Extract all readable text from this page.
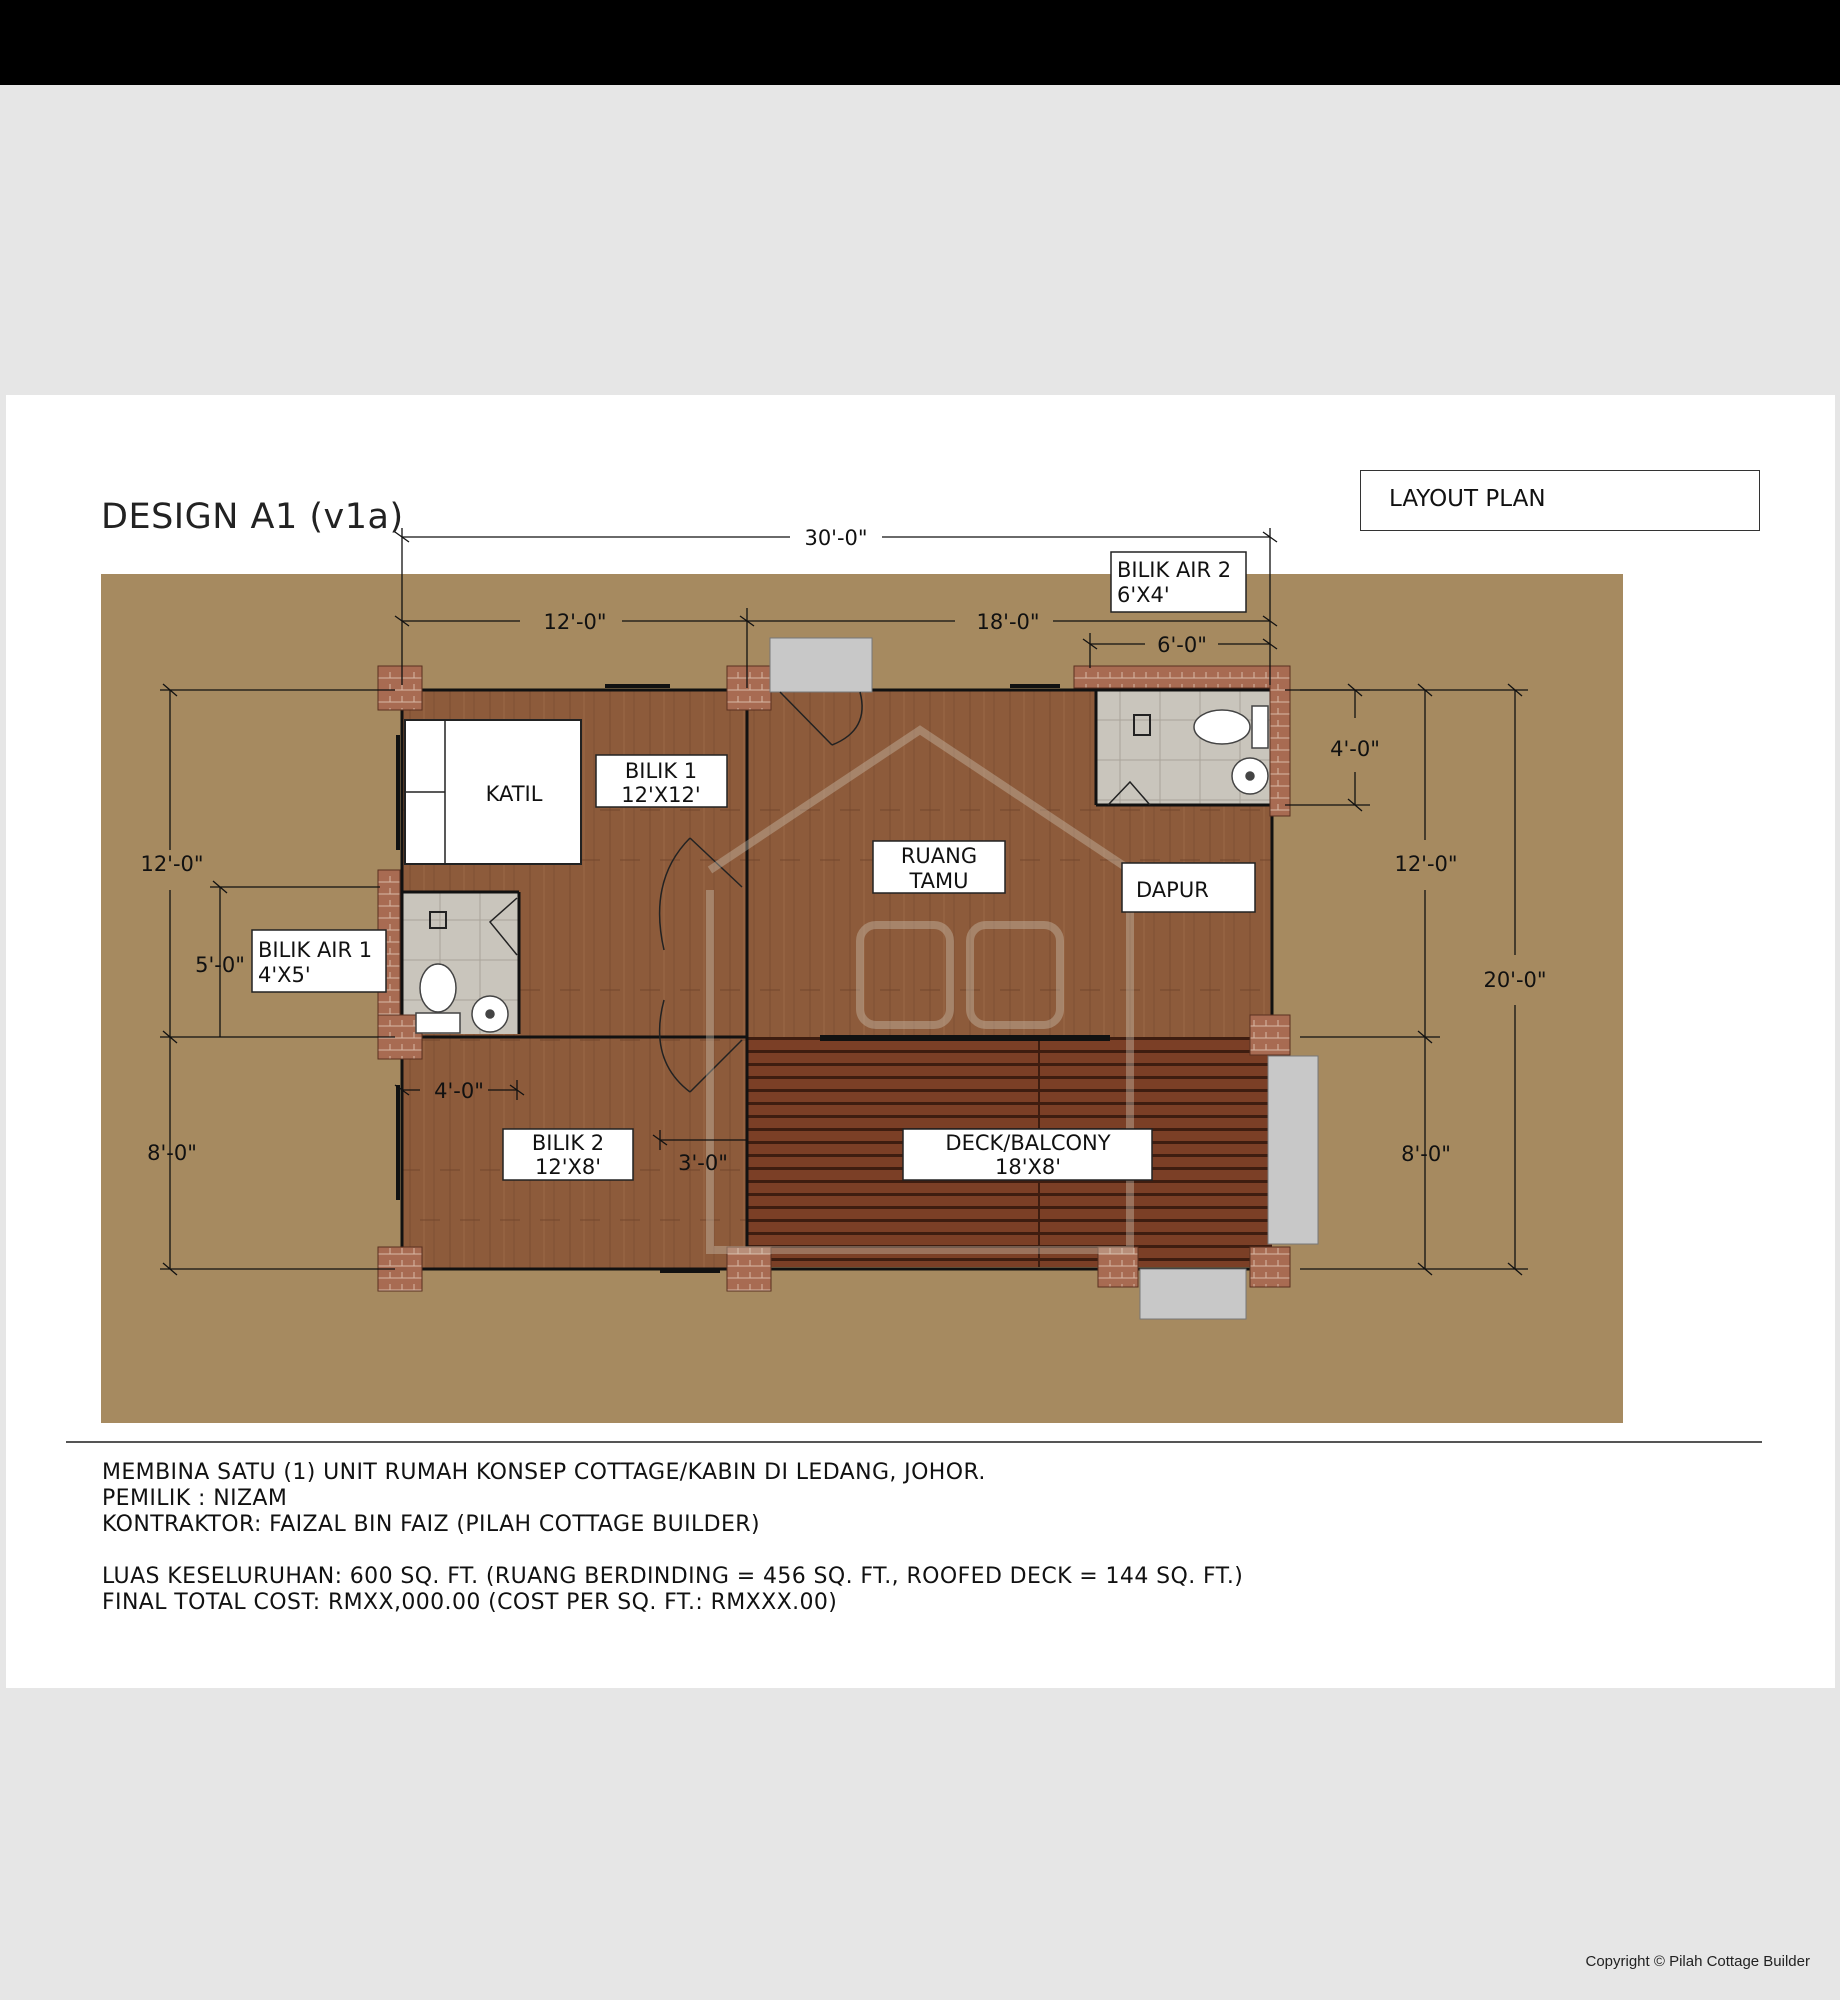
DESIGN A1 (v1a)	LAYOUT PLAN
30'-0"
12'-0"	18'-0"
6'-0"
4'-0"
12'-0"
5'-0"
8'-0"
12'-0"
20'-0"
8'-0"
4'-0"
3'-0"
KATIL
BILIK 1
12'X12'
RUANG
TAMU	DAPUR
BILIK AIR 1
4'X5'
BILIK AIR 2
6'X4'
BILIK 2
12'X8'
DECK/BALCONY
18'X8'

MEMBINA SATU (1) UNIT RUMAH KONSEP COTTAGE/KABIN DI LEDANG, JOHOR.

PEMILIK : NIZAM

KONTRAKTOR: FAIZAL BIN FAIZ (PILAH COTTAGE BUILDER)

LUAS KESELURUHAN: 600 SQ. FT. (RUANG BERDINDING = 456 SQ. FT., ROOFED DECK = 144 SQ. FT.)

FINAL TOTAL COST: RMXX,000.00 (COST PER SQ. FT.: RMXXX.00)

Copyright © Pilah Cottage Builder
